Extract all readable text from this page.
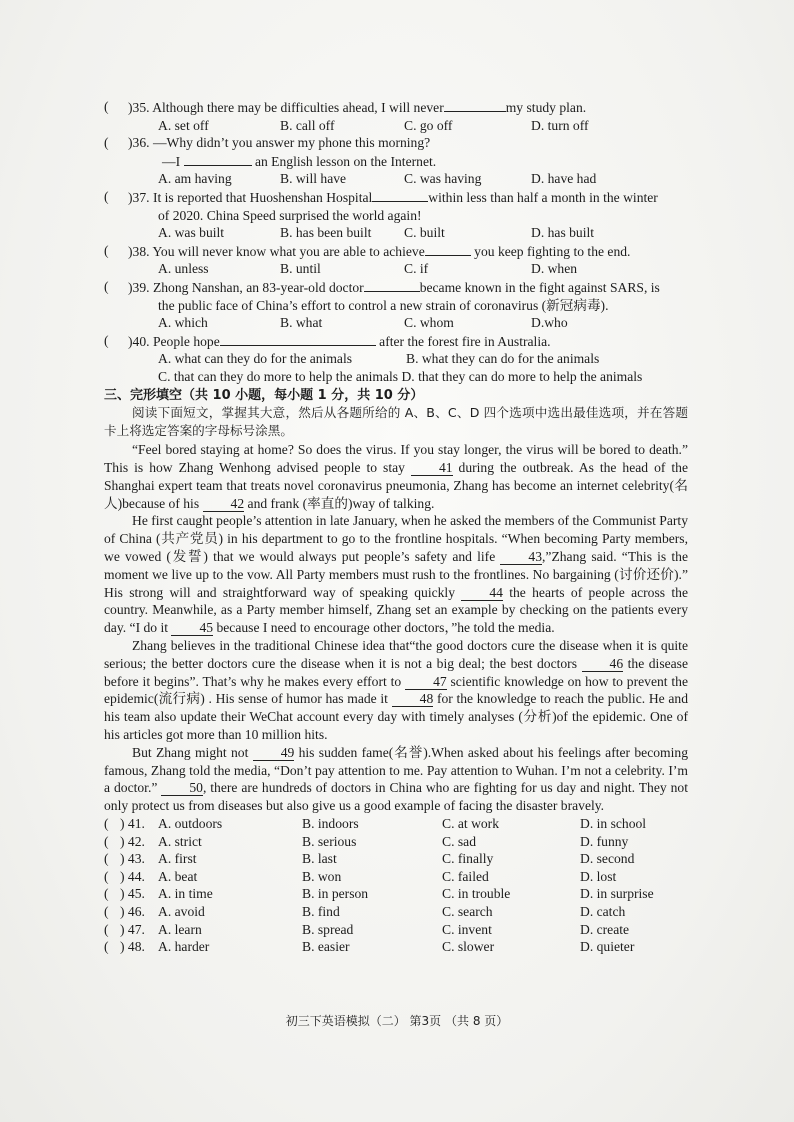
( )35. Although there may be difficulties ahead, I will never	my study plan.
A. set off	B. call off	C. go off	D. turn off
( )36. —Why didn’t you answer my phone this morning?
—I	an English lesson on the Internet.
A. am having	B. will have	C. was having	D. have had
( )37. It is reported that Huoshenshan Hospital	within less than half a month in the winter
of 2020. China Speed surprised the world again!
A. was built	B. has been built C. built	D. has built
( )38. You will never know what you are able to achieve	you keep fighting to the end.
A. unless	B. until	C. if	D. when
( )39. Zhong Nanshan, an 83-year-old doctor	became known in the fight against SARS, is
the public face of China’s effort to control a new strain of coronavirus (新冠病毒).
A. which	B. what	C. whom	D.who
( )40. People hope	after the forest fire in Australia.
A. what can they do for the animals	B. what they can do for the animals
C. that can they do more to help the animals D. that they can do more to help the animals
三、完形填空（共 10 小题，每小题 1 分，共 10 分）
阅读下面短文，掌握其大意，然后从各题所给的 A、B、C、D 四个选项中选出最佳选项，并在答题卡上将选定答案的字母标号涂黑。
“Feel bored staying at home? So does the virus. If you stay longer, the virus will be bored to death.” This is how Zhang Wenhong advised people to stay 41 during the outbreak. As the head of the Shanghai expert team that treats novel coronavirus pneumonia, Zhang has become an internet celebrity(名人)because of his 42 and frank (率直的)way of talking.
He first caught people’s attention in late January, when he asked the members of the Communist Party of China (共产党员) in his department to go to the frontline hospitals. “When becoming Party members, we vowed (发誓) that we would always put people’s safety and life 43,”Zhang said. “This is the moment we live up to the vow. All Party members must rush to the frontlines. No bargaining (讨价还价).” His strong will and straightforward way of speaking quickly	44 the hearts of people across the country. Meanwhile, as a Party member himself, Zhang set an example by checking on the patients every day. “I do it 45 because I need to encourage other doctors，”he told the media.
Zhang believes in the traditional Chinese idea that“the good doctors cure the disease when it is quite serious; the better doctors cure the disease when it is not a big deal; the best doctors 46 the disease before it begins”. That’s why he makes every effort to 47 scientific knowledge on how to prevent the epidemic(流行病) . His sense of humor has made it 48 for the knowledge to reach the public. He and his team also update their WeChat account every day with timely analyses (分析)of the epidemic. One of his articles got more than 10 million hits.
But Zhang might not 49 his sudden fame(名誉).When asked about his feelings after becoming famous, Zhang told the media, “Don’t pay attention to me. Pay attention to Wuhan. I’m not a celebrity. I’m a doctor.” 50, there are hundreds of doctors in China who are fighting for us day and night. They not only protect us from diseases but also give us a good example of facing the disaster bravely.
( ) 41. A. outdoors	B. indoors	C. at work	D. in school
( ) 42. A. strict	B. serious	C. sad	D. funny
( ) 43. A. first	B. last	C. finally	D. second
( ) 44. A. beat	B. won	C. failed	D. lost
( ) 45. A. in time	B. in person	C. in trouble	D. in surprise
( ) 46. A. avoid	B. find	C. search	D. catch
( ) 47. A. learn	B. spread	C. invent	D. create
( ) 48. A. harder	B. easier	C. slower	D. quieter
初三下英语模拟（二） 第3页 （共 8 页）
